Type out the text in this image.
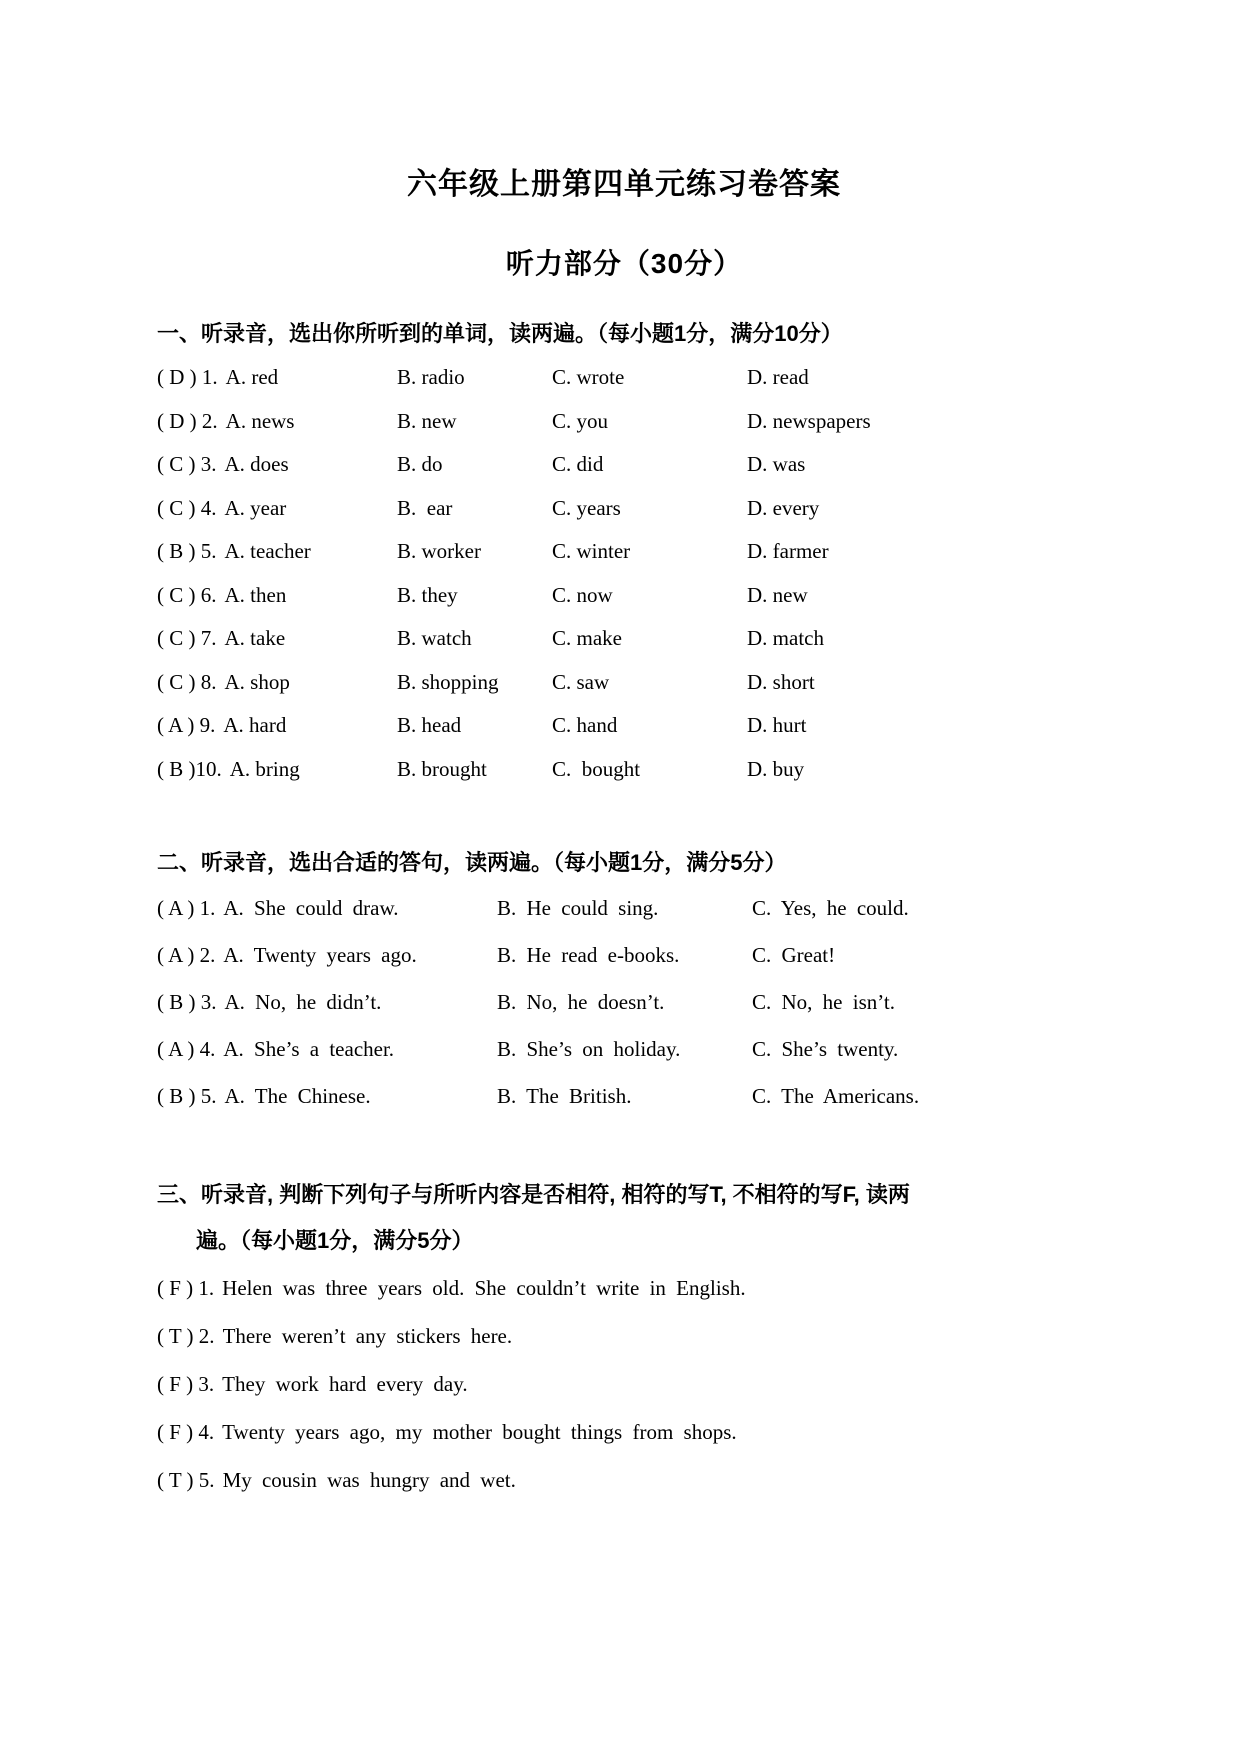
六年级上册第四单元练习卷答案
听力部分（30分）
一、听录音，选出你所听到的单词，读两遍。（每小题1分，满分10分）
( D ) 1. A. red	B. radio	C. wrote	D. read
( D ) 2. A. news	B. new	C. you	D. newspapers
( C ) 3. A. does	B. do	C. did	D. was
( C ) 4. A. year	B.  ear	C. years	D. every
( B ) 5. A. teacher	B. worker	C. winter	D. farmer
( C ) 6. A. then	B. they	C. now	D. new
( C ) 7. A. take	B. watch	C. make	D. match
( C ) 8. A. shop	B. shopping	C. saw	D. short
( A ) 9. A. hard	B. head	C. hand	D. hurt
( B )10. A. bring	B. brought	C.  bought	D. buy
二、听录音，选出合适的答句，读两遍。（每小题1分，满分5分）
( A ) 1. A. She could draw.	B. He could sing.	C. Yes, he could.
( A ) 2. A. Twenty years ago.	B. He read e-books.	C. Great!
( B ) 3. A. No, he didn’t.	B. No, he doesn’t.	C. No, he isn’t.
( A ) 4. A. She’s a teacher.	B. She’s on holiday.	C. She’s twenty.
( B ) 5. A. The Chinese.	B. The British.	C. The Americans.
三、听录音, 判断下列句子与所听内容是否相符, 相符的写T, 不相符的写F, 读两
遍。（每小题1分，满分5分）
( F ) 1. Helen was three years old. She couldn’t write in English.
( T ) 2. There weren’t any stickers here.
( F ) 3. They work hard every day.
( F ) 4. Twenty years ago, my mother bought things from shops.
( T ) 5. My cousin was hungry and wet.
